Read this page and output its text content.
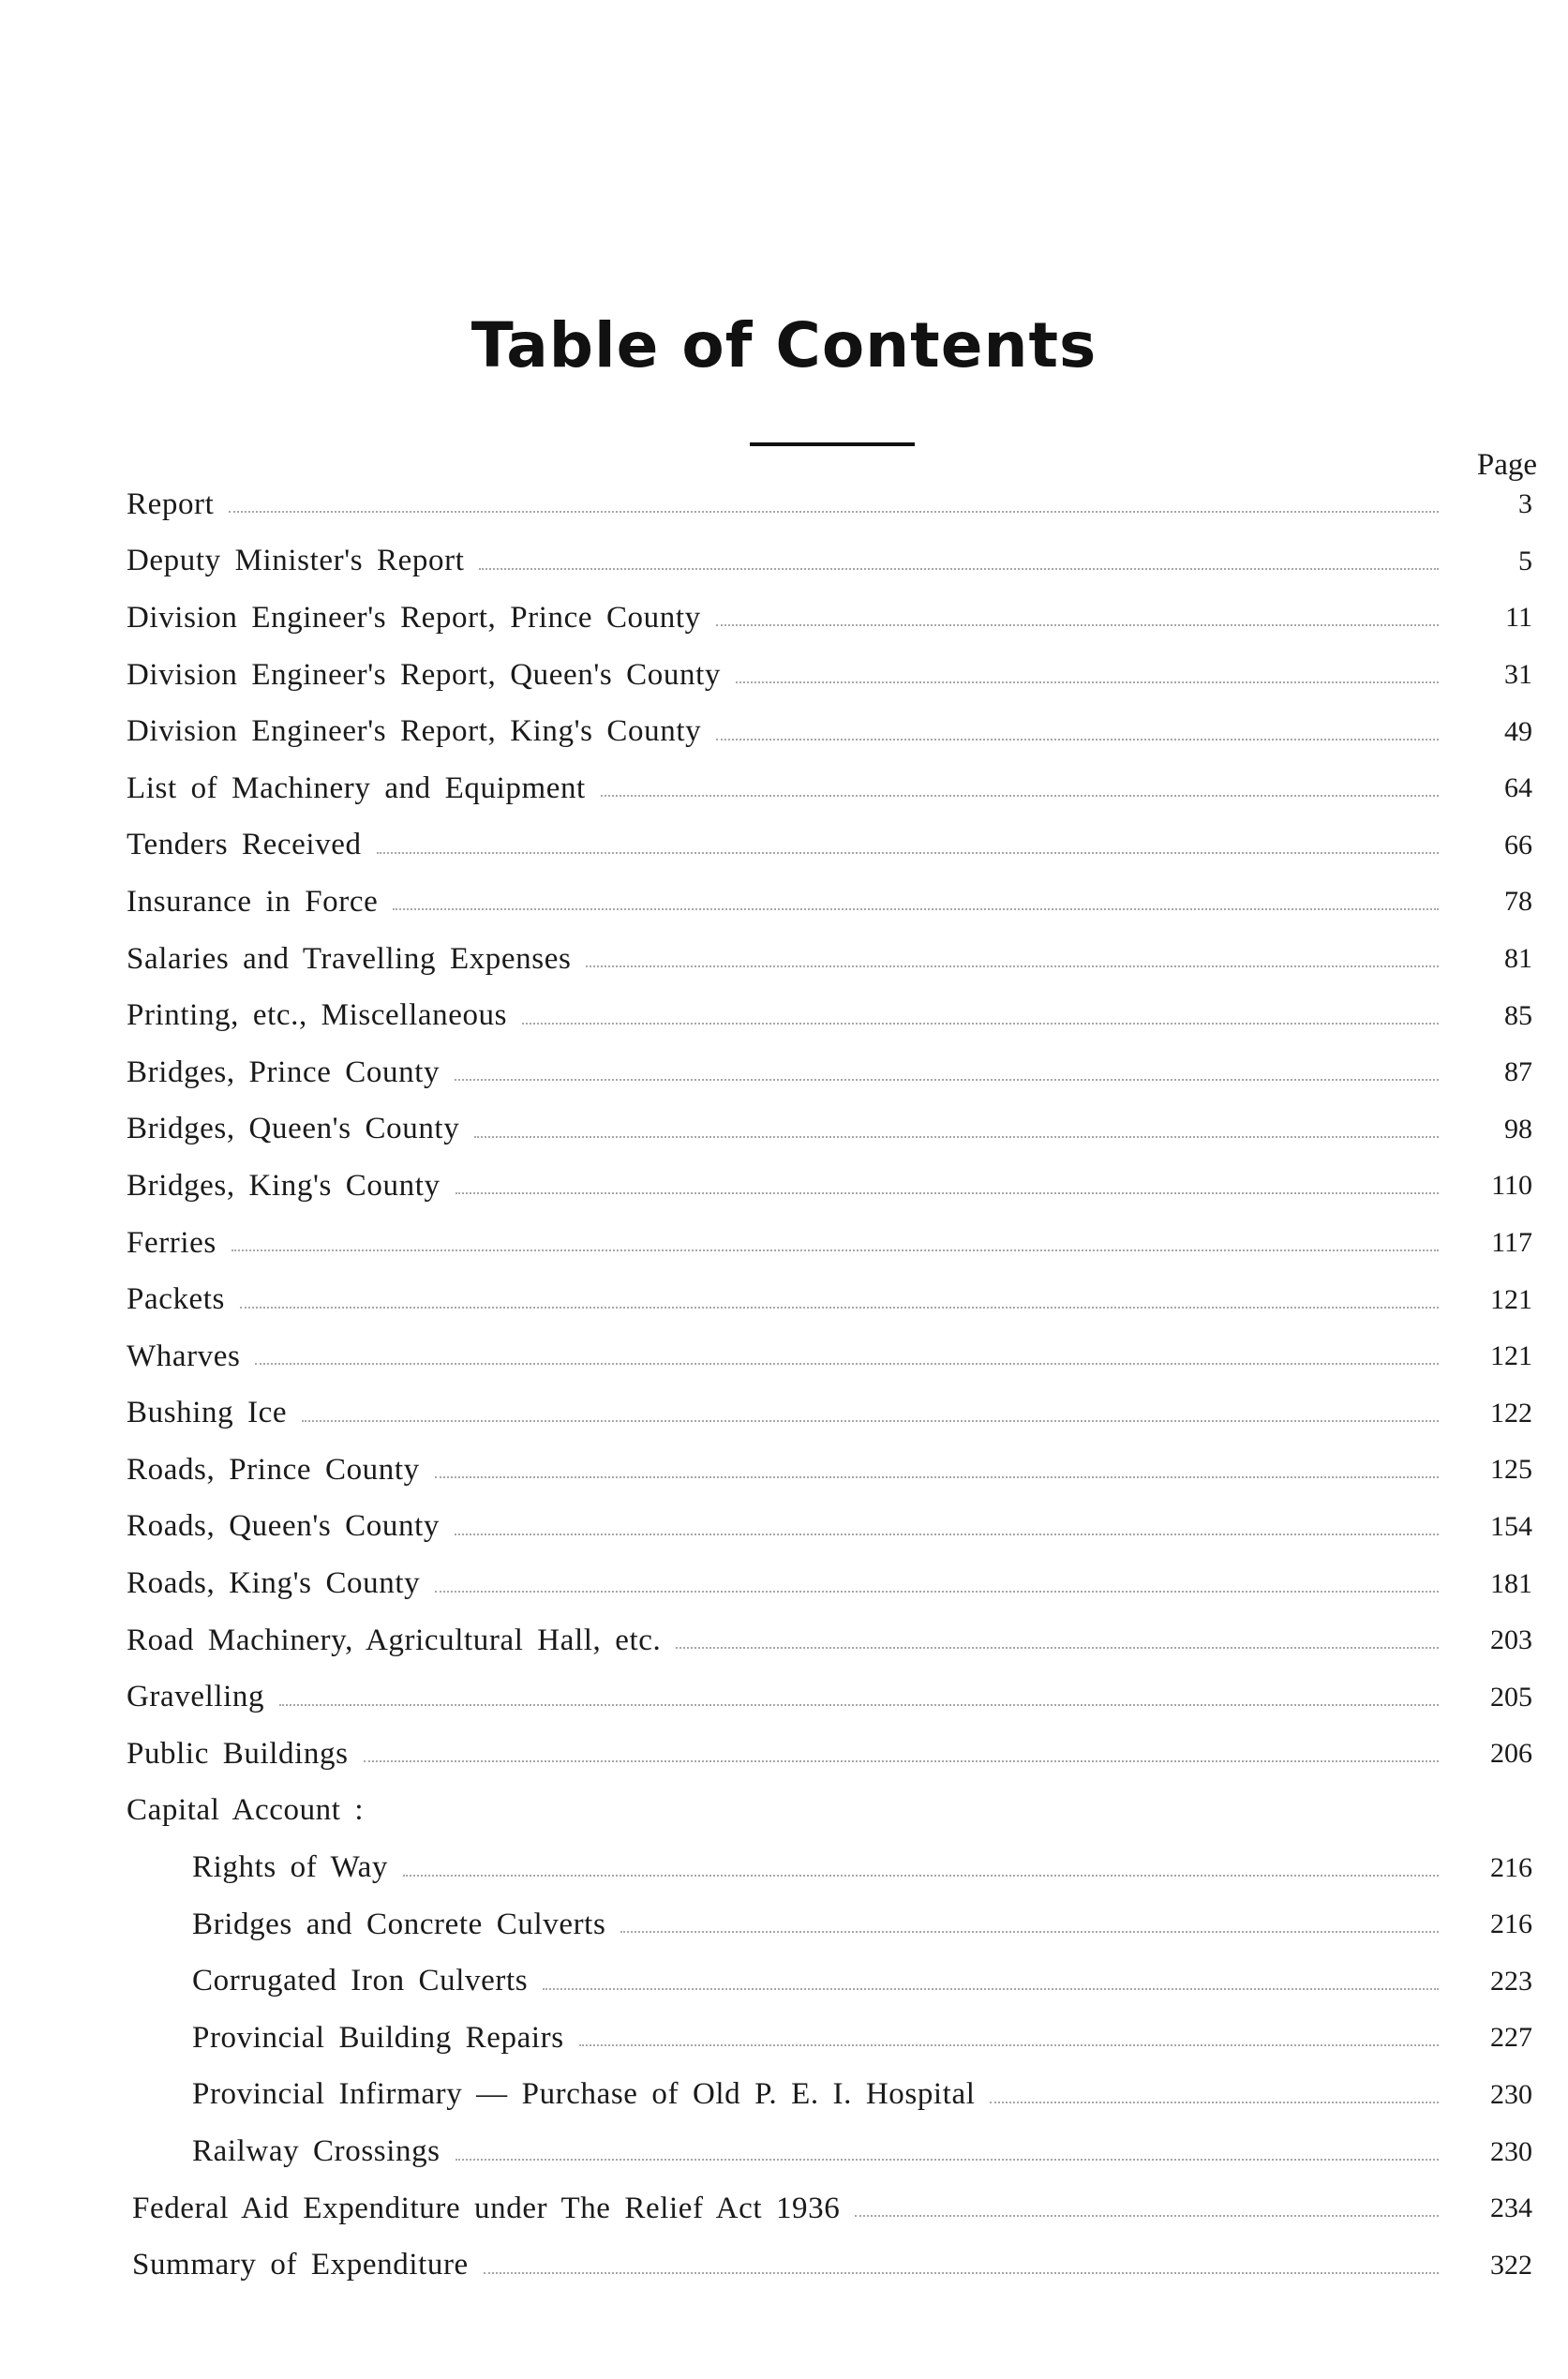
Table of Contents
Page
Report	3
Deputy Minister's Report	5
Division Engineer's Report, Prince County	11
Division Engineer's Report, Queen's County	31
Division Engineer's Report, King's County	49
List of Machinery and Equipment	64
Tenders Received	66
Insurance in Force	78
Salaries and Travelling Expenses	81
Printing, etc., Miscellaneous	85
Bridges, Prince County	87
Bridges, Queen's County	98
Bridges, King's County	110
Ferries	117
Packets	121
Wharves	121
Bushing Ice	122
Roads, Prince County	125
Roads, Queen's County	154
Roads, King's County	181
Road Machinery, Agricultural Hall, etc.	203
Gravelling	205
Public Buildings	206
Capital Account :
Rights of Way	216
Bridges and Concrete Culverts	216
Corrugated Iron Culverts	223
Provincial Building Repairs	227
Provincial Infirmary — Purchase of Old P. E. I. Hospital	230
Railway Crossings	230
Federal Aid Expenditure under The Relief Act 1936	234
Summary of Expenditure	322
